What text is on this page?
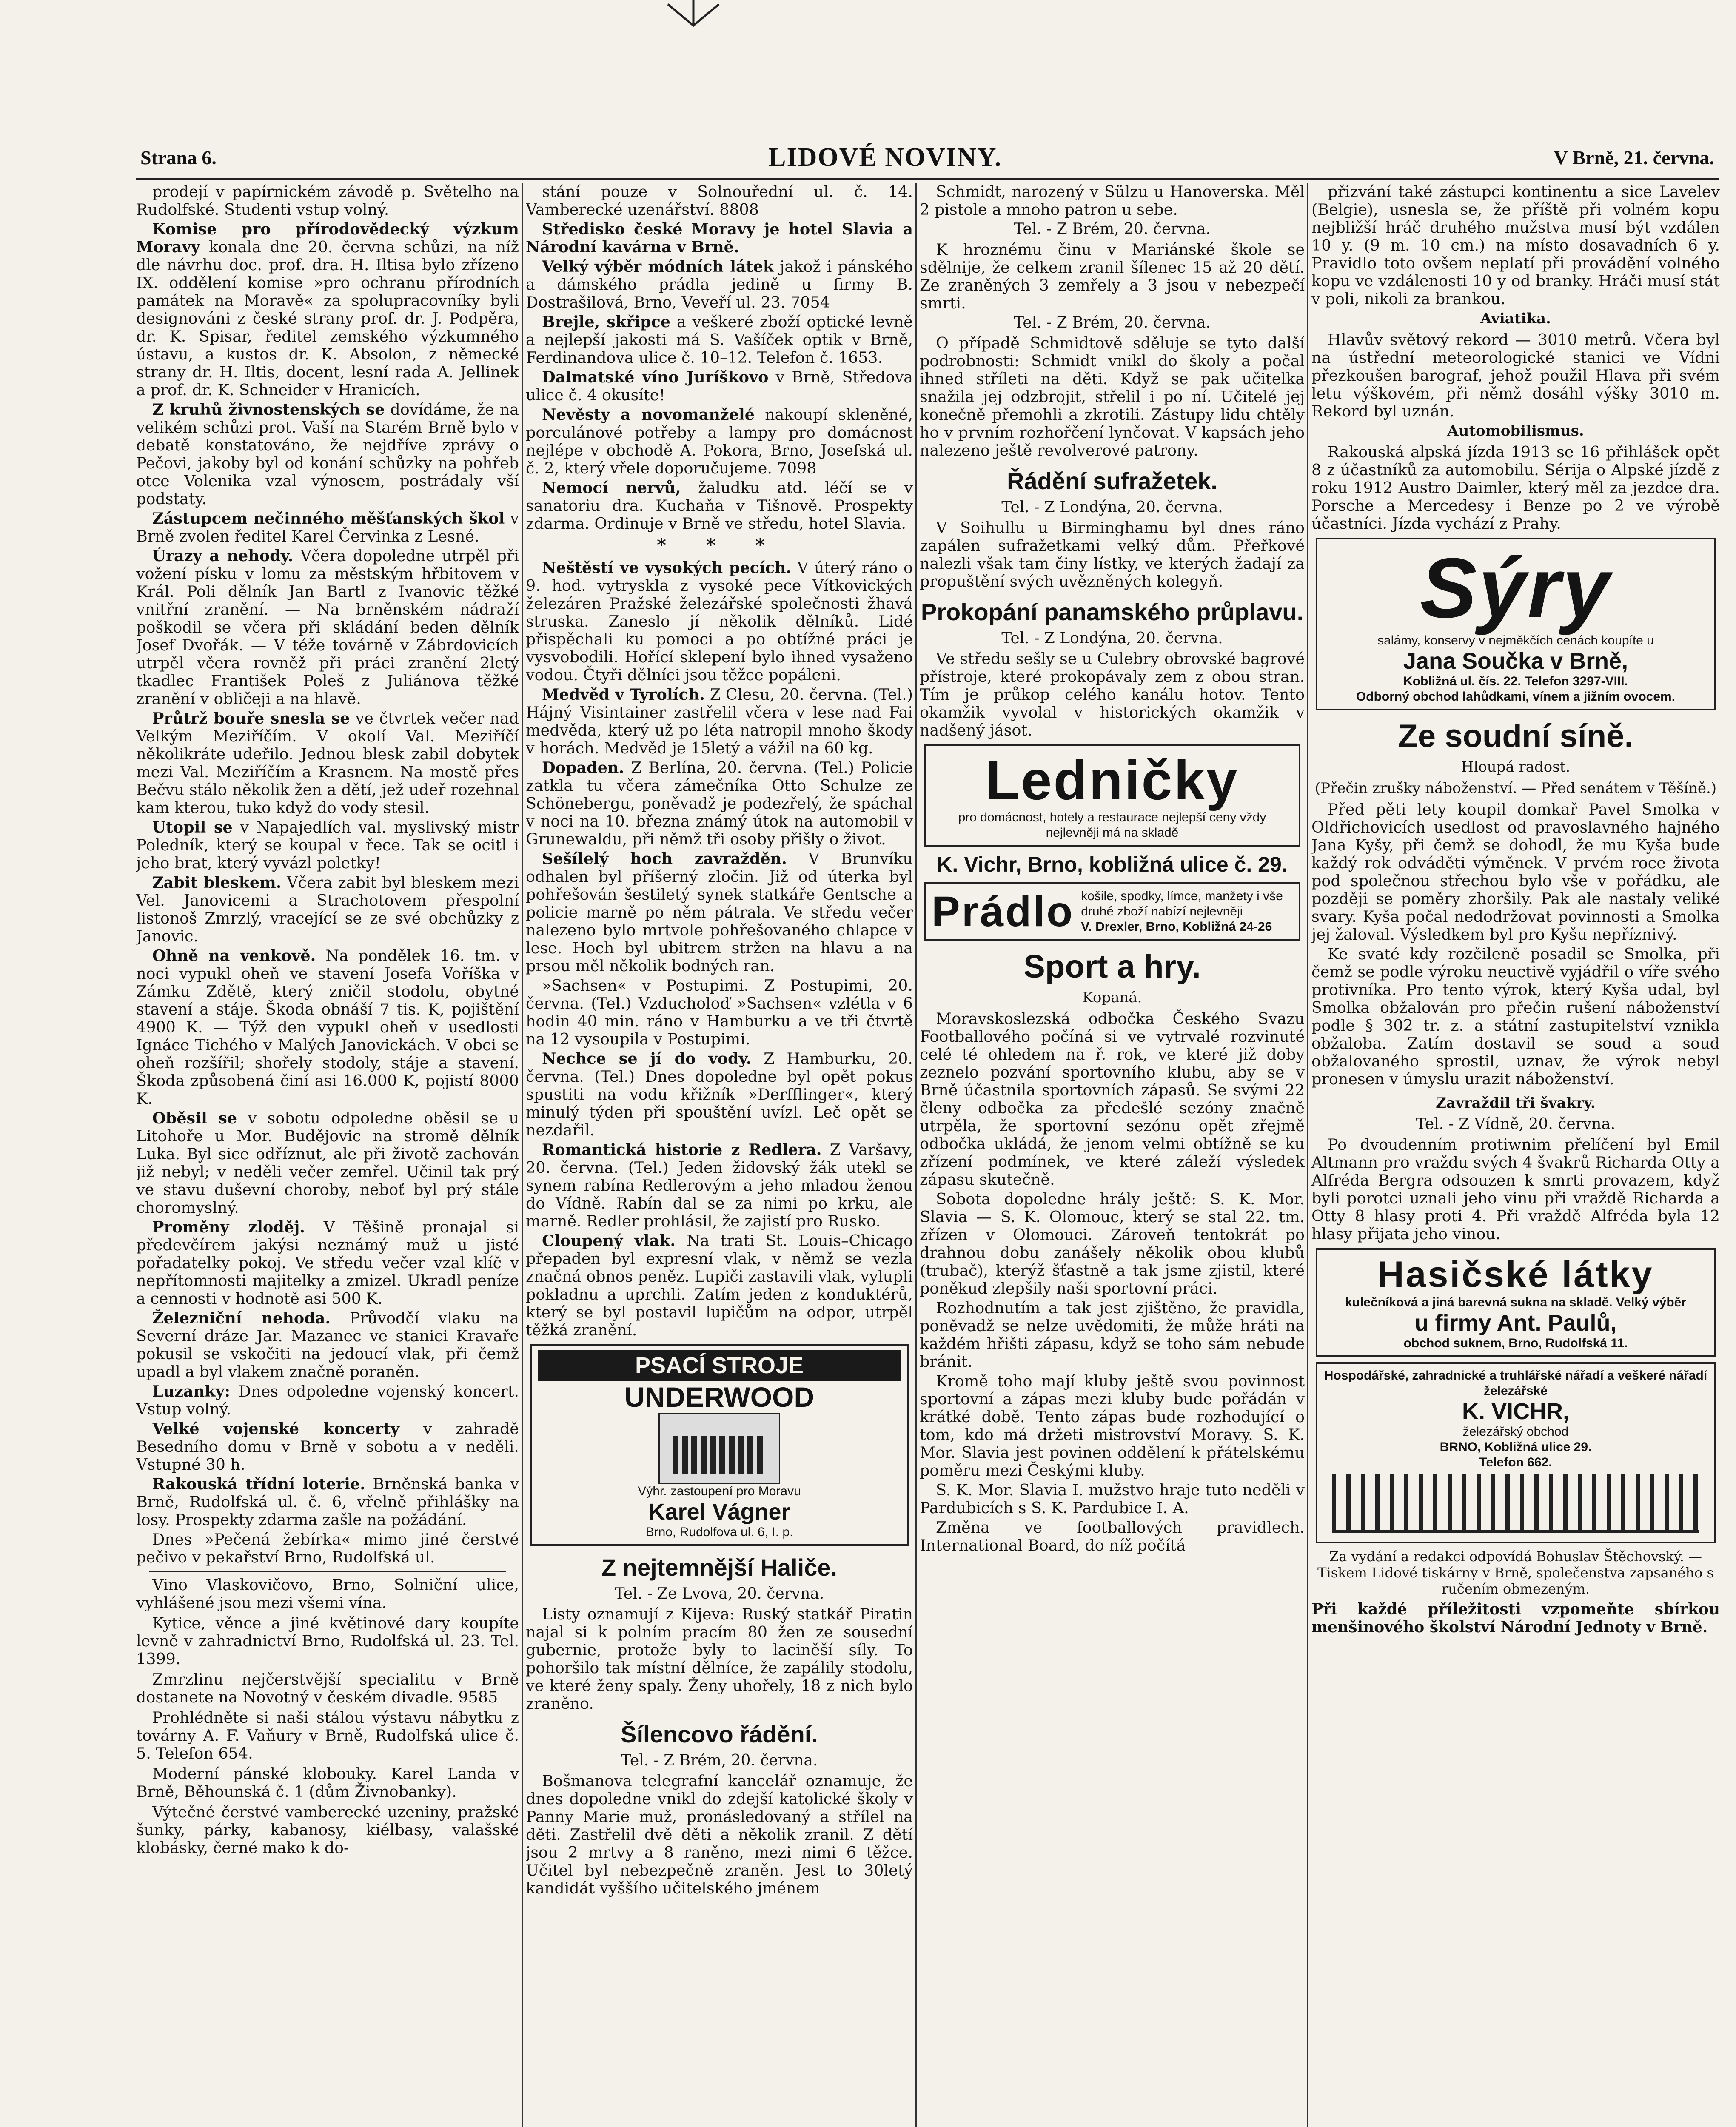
Strana 6.	LIDOVÉ NOVINY.	V Brně, 21. června.

prodejí v papírnickém závodě p. Světelho na Rudolfské. Studenti vstup volný.

Komise pro přírodovědecký výzkum Moravy konala dne 20. června schůzi, na níž dle návrhu doc. prof. dra. H. Iltisa bylo zřízeno IX. oddělení komise »pro ochranu přírodních památek na Moravě« za spolupracovníky byli designováni z české strany prof. dr. J. Podpěra, dr. K. Spisar, ředitel zemského výzkumného ústavu, a kustos dr. K. Absolon, z německé strany dr. H. Iltis, docent, lesní rada A. Jellinek a prof. dr. K. Schneider v Hranicích.

Z kruhů živnostenských se dovídáme, že na velikém schůzi prot. Vaší na Starém Brně bylo v debatě konstatováno, že nejdříve zprávy o Pečovi, jakoby byl od konání schůzky na pohřeb otce Volenika vzal výnosem, postrádaly vší podstaty.

Zástupcem nečinného měšťanských škol v Brně zvolen ředitel Karel Červinka z Lesné.

Úrazy a nehody. Včera dopoledne utrpěl při vožení písku v lomu za městským hřbitovem v Král. Poli dělník Jan Bartl z Ivanovic těžké vnitřní zranění. — Na brněnském nádraží poškodil se včera při skládání beden dělník Josef Dvořák. — V téže továrně v Zábrdovicích utrpěl včera rovněž při práci zranění 2letý tkadlec František Poleš z Juliánova těžké zranění v obličeji a na hlavě.

Průtrž bouře snesla se ve čtvrtek večer nad Velkým Meziříčím. V okolí Val. Meziříčí několikráte udeřilo. Jednou blesk zabil dobytek mezi Val. Meziříčím a Krasnem. Na mostě přes Bečvu stálo několik žen a dětí, jež udeř rozehnal kam kterou, tuko když do vody stesil.

Utopil se v Napajedlích val. myslivský mistr Poledník, který se koupal v řece. Tak se ocitl i jeho brat, který vyvázl poletky!

Zabit bleskem. Včera zabit byl bleskem mezi Vel. Janovicemi a Strachotovem přespolní listonoš Zmrzlý, vracející se ze své obchůzky z Janovic.

Ohně na venkově. Na pondělek 16. tm. v noci vypukl oheň ve stavení Josefa Voříška v Zámku Zdětě, který zničil stodolu, obytné stavení a stáje. Škoda obnáší 7 tis. K, pojištění 4900 K. — Týž den vypukl oheň v usedlosti Ignáce Tichého v Malých Janovickách. V obci se oheň rozšířil; shořely stodoly, stáje a stavení. Škoda způsobená činí asi 16.000 K, pojistí 8000 K.

Oběsil se v sobotu odpoledne oběsil se u Litohoře u Mor. Budějovic na stromě dělník Luka. Byl sice odříznut, ale při životě zachován již nebyl; v neděli večer zemřel. Učinil tak prý ve stavu duševní choroby, neboť byl prý stále choromyslný.

Proměny zloděj. V Těšině pronajal si předevčírem jakýsi neznámý muž u jisté pořadatelky pokoj. Ve středu večer vzal klíč v nepřítomnosti majitelky a zmizel. Ukradl peníze a cennosti v hodnotě asi 500 K.

Železniční nehoda. Průvodčí vlaku na Severní dráze Jar. Mazanec ve stanici Kravaře pokusil se vskočiti na jedoucí vlak, při čemž upadl a byl vlakem značně poraněn.

Luzanky: Dnes odpoledne vojenský koncert. Vstup volný.

Velké vojenské koncerty v zahradě Besedního domu v Brně v sobotu a v neděli. Vstupné 30 h.

Rakouská třídní loterie. Brněnská banka v Brně, Rudolfská ul. č. 6, vřelně přihlášky na losy. Prospekty zdarma zašle na požádání.

Dnes »Pečená žebírka« mimo jiné čerstvé pečivo v pekařství Brno, Rudolfská ul.

Vino Vlaskovičovo, Brno, Solniční ulice, vyhlášené jsou mezi všemi vína.

Kytice, věnce a jiné květinové dary koupíte levně v zahradnictví Brno, Rudolfská ul. 23. Tel. 1399.

Zmrzlinu nejčerstvější specialitu v Brně dostanete na Novotný v českém divadle. 9585

Prohlédněte si naši stálou výstavu nábytku z továrny A. F. Vaňury v Brně, Rudolfská ulice č. 5. Telefon 654.

Moderní pánské klobouky. Karel Landa v Brně, Běhounská č. 1 (dům Živnobanky).

Výtečné čerstvé vamberecké uzeniny, pražské šunky, párky, kabanosy, kiélbasy, valašské klobásky, černé mako k do-

stání pouze v Solnouřední ul. č. 14. Vamberecké uzenářství. 8808

Středisko české Moravy je hotel Slavia a Národní kavárna v Brně.

Velký výběr módních látek jakož i pánského a dámského prádla jedině u firmy B. Dostrašilová, Brno, Veveří ul. 23. 7054

Brejle, skřipce a veškeré zboží optické levně a nejlepší jakosti má S. Vašíček optik v Brně, Ferdinandova ulice č. 10–12. Telefon č. 1653.

Dalmatské víno Juríškovo v Brně, Středova ulice č. 4 okusíte!

Nevěsty a novomanželé nakoupí skleněné, porculánové potřeby a lampy pro domácnost nejlépe v obchodě A. Pokora, Brno, Josefská ul. č. 2, který vřele doporučujeme. 7098

Nemocí nervů, žaludku atd. léčí se v sanatoriu dra. Kuchaňa v Tišnově. Prospekty zdarma. Ordinuje v Brně ve středu, hotel Slavia.

* * *

Neštěstí ve vysokých pecích. V úterý ráno o 9. hod. vytryskla z vysoké pece Vítkovických železáren Pražské železářské společnosti žhavá struska. Zaneslo jí několik dělníků. Lidé přispěchali ku pomoci a po obtížné práci je vysvobodili. Hořící sklepení bylo ihned vysaženo vodou. Čtyři dělníci jsou těžce popáleni.

Medvěd v Tyrolích. Z Clesu, 20. června. (Tel.) Hájný Visintainer zastřelil včera v lese nad Fai medvěda, který už po léta natropil mnoho škody v horách. Medvěd je 15letý a vážil na 60 kg.

Dopaden. Z Berlína, 20. června. (Tel.) Policie zatkla tu včera zámečníka Otto Schulze ze Schönebergu, poněvadž je podezřelý, že spáchal v noci na 10. března známý útok na automobil v Grunewaldu, při němž tři osoby přišly o život.

Sešílelý hoch zavražděn. V Brunvíku odhalen byl příšerný zločin. Již od úterka byl pohřešován šestiletý synek statkáře Gentsche a policie marně po něm pátrala. Ve středu večer nalezeno bylo mrtvole pohřešovaného chlapce v lese. Hoch byl ubitrem stržen na hlavu a na prsou měl několik bodných ran.

»Sachsen« v Postupimi. Z Postupimi, 20. června. (Tel.) Vzducholoď »Sachsen« vzlétla v 6 hodin 40 min. ráno v Hamburku a ve tři čtvrtě na 12 vysoupila v Postupimi.

Nechce se jí do vody. Z Hamburku, 20. června. (Tel.) Dnes dopoledne byl opět pokus spustiti na vodu křižník »Derfflinger«, který minulý týden při spouštění uvízl. Leč opět se nezdařil.

Romantická historie z Redlera. Z Varšavy, 20. června. (Tel.) Jeden židovský žák utekl se synem rabína Redlerovým a jeho mladou ženou do Vídně. Rabín dal se za nimi po krku, ale marně. Redler prohlásil, že zajistí pro Rusko.

Cloupený vlak. Na trati St. Louis–Chicago přepaden byl expresní vlak, v němž se vezla značná obnos peněz. Lupiči zastavili vlak, vylupli pokladnu a uprchli. Zatím jeden z konduktérů, který se byl postavil lupičům na odpor, utrpěl těžká zranění.

PSACÍ STROJE
UNDERWOOD
Výhr. zastoupení pro Moravu
Karel Vágner
Brno, Rudolfova ul. 6, I. p.
Z nejtemnější Haliče.
Tel. - Ze Lvova, 20. června.

Listy oznamují z Kijeva: Ruský statkář Piratin najal si k polním pracím 80 žen ze sousední gubernie, protože byly to laciněší síly. To pohoršilo tak místní dělníce, že zapálily stodolu, ve které ženy spaly. Ženy uhořely, 18 z nich bylo zraněno.

Šílencovo řádění.
Tel. - Z Brém, 20. června.

Bošmanova telegrafní kancelář oznamuje, že dnes dopoledne vnikl do zdejší katolické školy v Panny Marie muž, pronásledovaný a střílel na děti. Zastřelil dvě děti a několik zranil. Z dětí jsou 2 mrtvy a 8 raněno, mezi nimi 6 těžce. Učitel byl nebezpečně zraněn. Jest to 30letý kandidát vyššího učitelského jménem

Schmidt, narozený v Sülzu u Hanoverska. Měl 2 pistole a mnoho patron u sebe.

Tel. - Z Brém, 20. června.

K hroznému činu v Mariánské škole se sdělnije, že celkem zranil šílenec 15 až 20 dětí. Ze zraněných 3 zemřely a 3 jsou v nebezpečí smrti.

Tel. - Z Brém, 20. června.

O případě Schmidtově sděluje se tyto další podrobnosti: Schmidt vnikl do školy a počal ihned stříleti na děti. Když se pak učitelka snažila jej odzbrojit, střelil i po ní. Učitelé jej konečně přemohli a zkrotili. Zástupy lidu chtěly ho v prvním rozhořčení lynčovat. V kapsách jeho nalezeno ještě revolverové patrony.

Řádění sufražetek.
Tel. - Z Londýna, 20. června.

V Soihullu u Birminghamu byl dnes ráno zapálen sufražetkami velký dům. Přeřkové nalezli však tam činy lístky, ve kterých žadají za propuštění svých uvězněných kolegyň.

Prokopání panamského průplavu.
Tel. - Z Londýna, 20. června.

Ve středu sešly se u Culebry obrovské bagrové přístroje, které prokopávaly zem z obou stran. Tím je průkop celého kanálu hotov. Tento okamžik vyvolal v historických okamžik v nadšený jásot.

Ledničky
pro domácnost, hotely a restaurace nejlepší ceny vždy nejlevněji má na skladě
K. Vichr, Brno, kobližná ulice č. 29.
Prádlo košile, spodky, límce, manžety i vše druhé zboží nabízí nejlevněji
V. Drexler, Brno, Kobližná 24-26
Sport a hry.
Kopaná.

Moravskoslezská odbočka Českého Svazu Footballového počíná si ve vytrvalé rozvinuté celé té ohledem na ř. rok, ve které již doby zeznelo pozvání sportovního klubu, aby se v Brně účastnila sportovních zápasů. Se svými 22 členy odbočka za předešlé sezóny značně utrpěla, že sportovní sezónu opět zřejmě odbočka ukládá, že jenom velmi obtížně se ku zřízení podmínek, ve které záleží výsledek zápasu skutečně.

Sobota dopoledne hrály ještě: S. K. Mor. Slavia — S. K. Olomouc, který se stal 22. tm. zřízen v Olomouci. Zároveň tentokrát po drahnou dobu zanášely několik obou klubů (trubač), kterýž šťastně a tak jsme zjistil, které poněkud zlepšily naši sportovní práci.

Rozhodnutím a tak jest zjištěno, že pravidla, poněvadž se nelze uvědomiti, že může hráti na každém hřišti zápasu, když se toho sám nebude bránit.

Kromě toho mají kluby ještě svou povinnost sportovní a zápas mezi kluby bude pořádán v krátké době. Tento zápas bude rozhodující o tom, kdo má držeti mistrovství Moravy. S. K. Mor. Slavia jest povinen oddělení k přátelskému poměru mezi Českými kluby.

S. K. Mor. Slavia I. mužstvo hraje tuto neděli v Pardubicích s S. K. Pardubice I. A.

Změna ve footballových pravidlech. International Board, do níž počítá

přizvání také zástupci kontinentu a sice Lavelev (Belgie), usnesla se, že příště při volném kopu nejbližší hráč druhého mužstva musí být vzdálen 10 y. (9 m. 10 cm.) na místo dosavadních 6 y. Pravidlo toto ovšem neplatí při provádění volného kopu ve vzdálenosti 10 y od branky. Hráči musí stát v poli, nikoli za brankou.

Aviatika.

Hlavův světový rekord — 3010 metrů. Včera byl na ústřední meteorologické stanici ve Vídni přezkoušen barograf, jehož použil Hlava při svém letu výškovém, při němž dosáhl výšky 3010 m. Rekord byl uznán.

Automobilismus.

Rakouská alpská jízda 1913 se 16 přihlášek opět 8 z účastníků za automobilu. Sérija o Alpské jízdě z roku 1912 Austro Daimler, který měl za jezdce dra. Porsche a Mercedesy i Benze po 2 ve výrobě účastníci. Jízda vychází z Prahy.

Sýry
salámy, konservy v nejměkčích cenách koupíte u
Jana Součka v Brně,
Kobližná ul. čís. 22. Telefon 3297-VIII.
Odborný obchod lahůdkami, vínem a jižním ovocem.
Ze soudní síně.
Hloupá radost.
(Přečin zrušky náboženství. — Před senátem v Těšíně.)

Před pěti lety koupil domkař Pavel Smolka v Oldřichovicích usedlost od pravoslavného hajného Jana Kyšy, při čemž se dohodl, že mu Kyša bude každý rok odváděti výměnek. V prvém roce života pod společnou střechou bylo vše v pořádku, ale později se poměry zhoršily. Pak ale nastaly veliké svary. Kyša počal nedodržovat povinnosti a Smolka jej žaloval. Výsledkem byl pro Kyšu nepříznivý.

Ke svaté kdy rozčileně posadil se Smolka, při čemž se podle výroku neuctivě vyjádřil o víře svého protivníka. Pro tento výrok, který Kyša udal, byl Smolka obžalován pro přečin rušení náboženství podle § 302 tr. z. a státní zastupitelství vznikla obžaloba. Zatím dostavil se soud a soud obžalovaného sprostil, uznav, že výrok nebyl pronesen v úmyslu urazit náboženství.

Zavraždil tři švakry.
Tel. - Z Vídně, 20. června.

Po dvoudenním protiwnim přelíčení byl Emil Altmann pro vraždu svých 4 švakrů Richarda Otty a Alfréda Bergra odsouzen k smrti provazem, když byli porotci uznali jeho vinu při vraždě Richarda a Otty 8 hlasy proti 4. Při vraždě Alfréda byla 12 hlasy přijata jeho vinou.

Hasičské látky
kulečníková a jiná barevná sukna na skladě. Velký výběr
u firmy Ant. Paulů,
obchod suknem, Brno, Rudolfská 11.
Hospodářské, zahradnické a truhlářské nářadí a veškeré nářadí železářské
K. VICHR,
železářský obchod
BRNO, Kobližná ulice 29.
Telefon 662.
Za vydání a redakci odpovídá Bohuslav Štěchovský. — Tiskem Lidové tiskárny v Brně, společenstva zapsaného s ručením obmezeným.
Při každé příležitosti vzpomeňte sbírkou menšinového školství Národní Jednoty v Brně.
